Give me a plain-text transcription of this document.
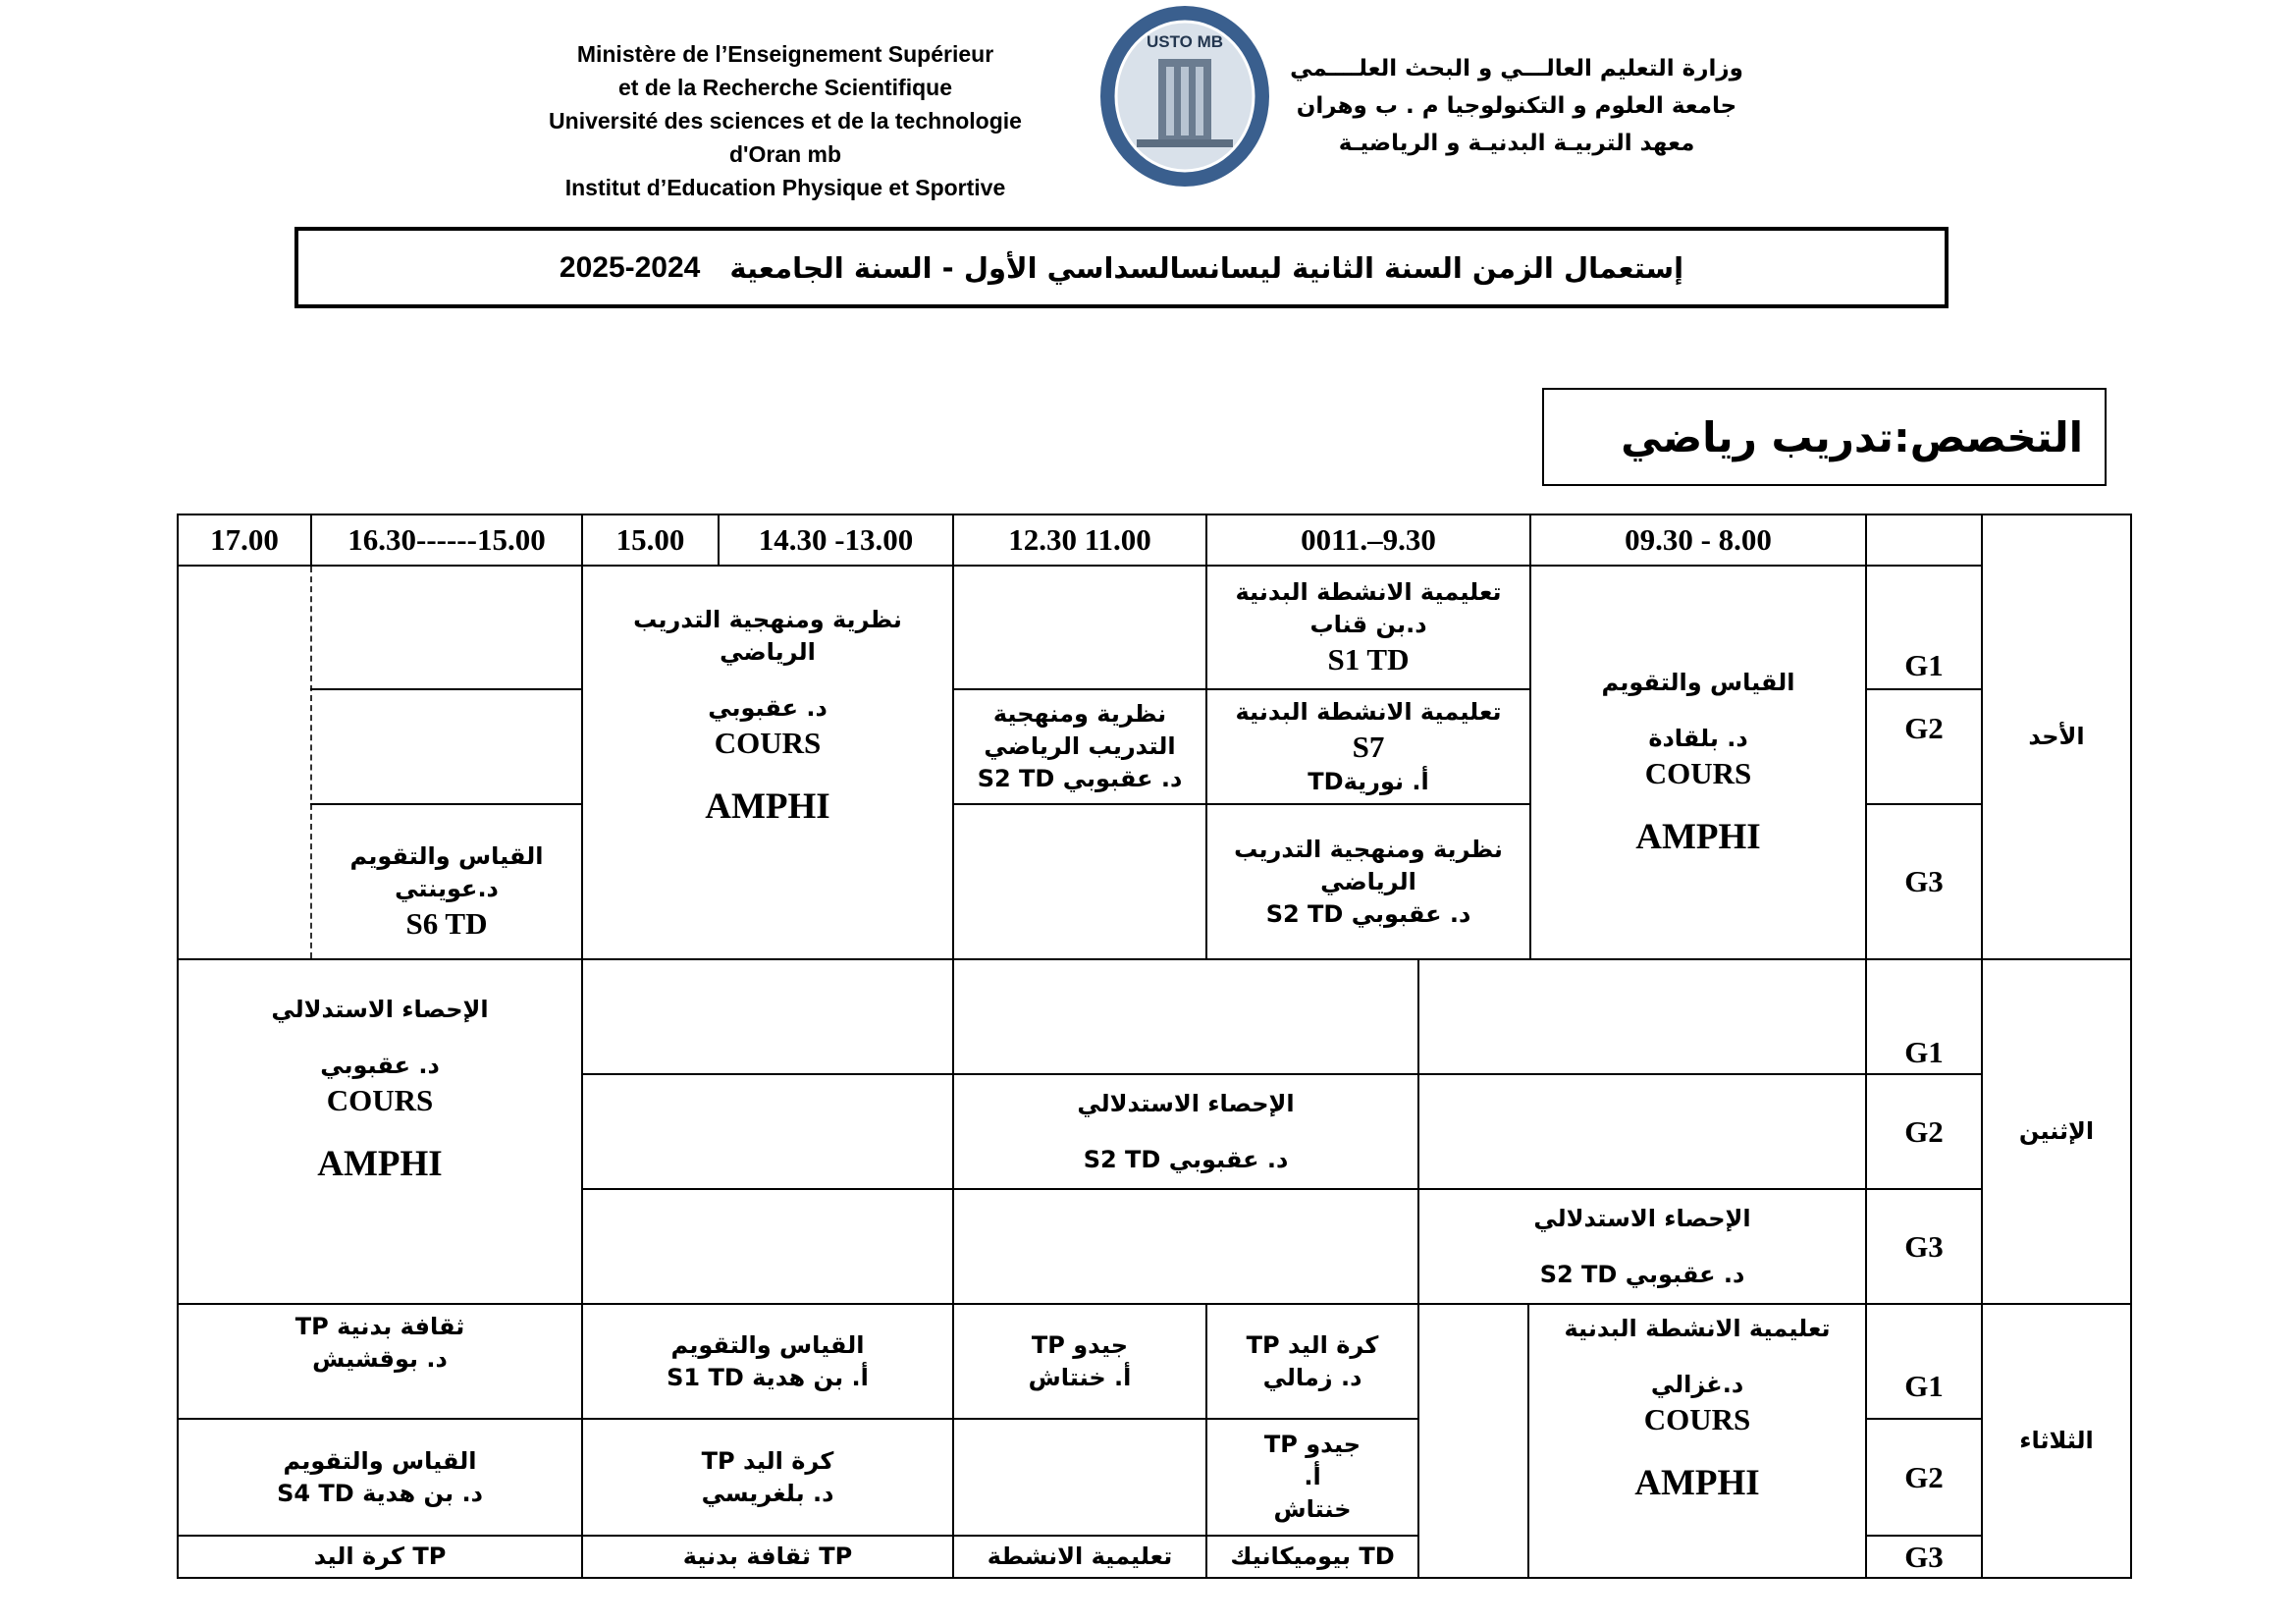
Ministère de l’Enseignement Supérieur
et de la Recherche Scientifique
Université des sciences et de la technologie
d'Oran mb
Institut d’Education Physique et Sportive
USTO MB
وزارة التعليم العالـــي و البحث العلــــمي
جامعة العلوم و التكنولوجيا م . ب وهران
معهد التربيـة البدنيـة و الرياضيـة
2025-2024 إستعمال الزمن السنة الثانية ليسانسالسداسي الأول - السنة الجامعية
التخصص:تدريب رياضي
09.30 - 8.00
0011.–9.30
12.30 11.00
14.30 -13.00
15.00
16.30------15.00
17.00
الأحد
الإثنين
الثلاثاء
G1
G2
G3
G1
G2
G3
G1
G2
G3
القياس والتقويم
د. بلقادة
COURS
AMPHI
تعليمية الانشطة البدنية
د.بن قناب
S1 TD
تعليمية الانشطة البدنية
S7
TDأ. نورية
نظرية ومنهجية التدريب
الرياضي
S2 TD د. عقبوبي
نظرية ومنهجية
التدريب الرياضي
S2 TD د. عقبوبي
نظرية ومنهجية التدريب
الرياضي
د. عقبوبي
COURS
AMPHI
القياس والتقويم
د.عوينتي
S6 TD
الإحصاء الاستدلالي
د. عقبوبي
COURS
AMPHI
الإحصاء الاستدلالي
S2 TD د. عقبوبي
الإحصاء الاستدلالي
S2 TD د. عقبوبي
تعليمية الانشطة البدنية
د.غزالي
COURS
AMPHI
TP كرة اليد
د. زمالي
TP جيدو
أ. خنتاش
القياس والتقويم
S1 TD أ. بن هدية
TP ثقافة بدنية
د. بوقشيش
TP جيدو
أ.
خنتاش
TP كرة اليد
د. بلغريسي
القياس والتقويم
S4 TD د. بن هدية
TD بيوميكانيك
تعليمية الانشطة
TP ثقافة بدنية
TP كرة اليد
